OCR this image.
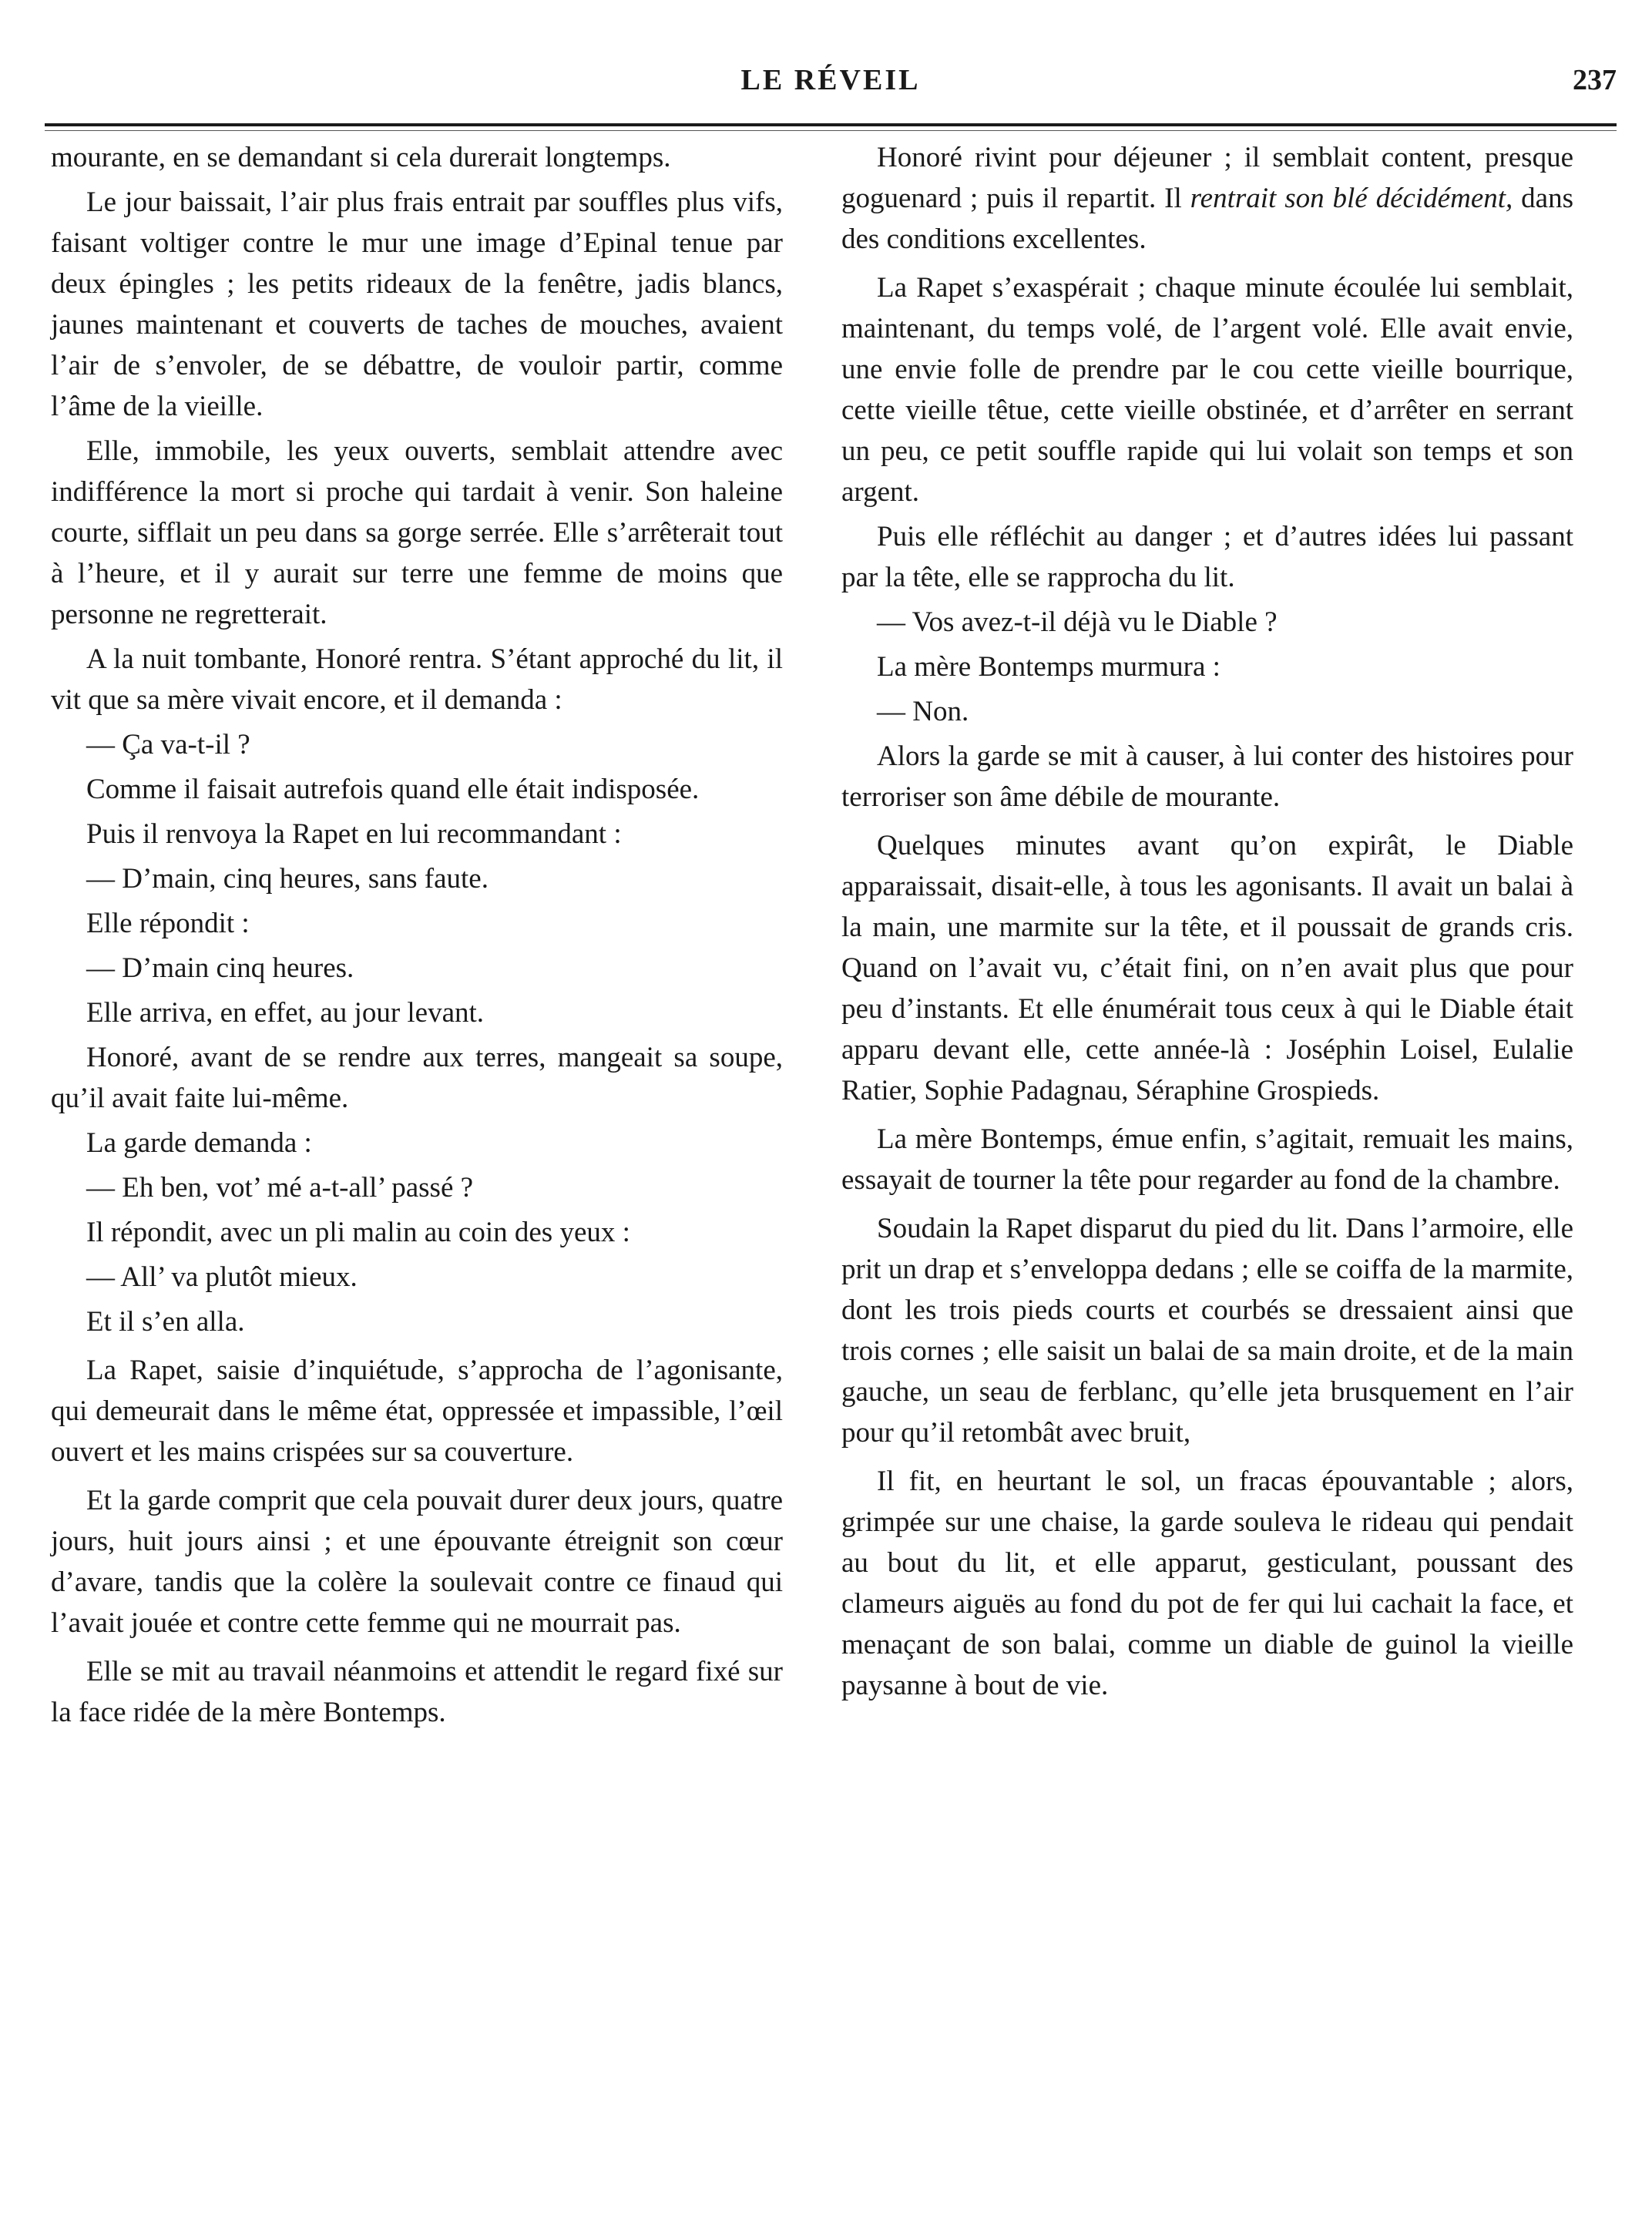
LE RÉVEIL	237

mourante, en se demandant si cela durerait longtemps.

Le jour baissait, l’air plus frais entrait par souffles plus vifs, faisant voltiger contre le mur une image d’Epinal tenue par deux épingles ; les petits rideaux de la fenêtre, jadis blancs, jaunes maintenant et couverts de taches de mouches, avaient l’air de s’envoler, de se débattre, de vouloir partir, comme l’âme de la vieille.

Elle, immobile, les yeux ouverts, semblait attendre avec indifférence la mort si proche qui tardait à venir. Son haleine courte, sifflait un peu dans sa gorge serrée. Elle s’arrêterait tout à l’heure, et il y aurait sur terre une femme de moins que personne ne regretterait.

A la nuit tombante, Honoré rentra. S’étant approché du lit, il vit que sa mère vivait encore, et il demanda :

— Ça va-t-il ?

Comme il faisait autrefois quand elle était indisposée.

Puis il renvoya la Rapet en lui recommandant :

— D’main, cinq heures, sans faute.

Elle répondit :

— D’main cinq heures.

Elle arriva, en effet, au jour levant.

Honoré, avant de se rendre aux terres, mangeait sa soupe, qu’il avait faite lui-même.

La garde demanda :

— Eh ben, vot’ mé a-t-all’ passé ?

Il répondit, avec un pli malin au coin des yeux :

— All’ va plutôt mieux.

Et il s’en alla.

La Rapet, saisie d’inquiétude, s’approcha de l’agonisante, qui demeurait dans le même état, oppressée et impassible, l’œil ouvert et les mains crispées sur sa couverture.

Et la garde comprit que cela pouvait durer deux jours, quatre jours, huit jours ainsi ; et une épouvante étreignit son cœur d’avare, tandis que la colère la soulevait contre ce finaud qui l’avait jouée et contre cette femme qui ne mourrait pas.

Elle se mit au travail néanmoins et attendit le regard fixé sur la face ridée de la mère Bontemps.

Honoré rivint pour déjeuner ; il semblait content, presque goguenard ; puis il repartit. Il rentrait son blé décidément, dans des conditions excellentes.

La Rapet s’exaspérait ; chaque minute écoulée lui semblait, maintenant, du temps volé, de l’argent volé. Elle avait envie, une envie folle de prendre par le cou cette vieille bourrique, cette vieille têtue, cette vieille obstinée, et d’arrêter en serrant un peu, ce petit souffle rapide qui lui volait son temps et son argent.

Puis elle réfléchit au danger ; et d’autres idées lui passant par la tête, elle se rapprocha du lit.

— Vos avez-t-il déjà vu le Diable ?

La mère Bontemps murmura :

— Non.

Alors la garde se mit à causer, à lui conter des histoires pour terroriser son âme débile de mourante.

Quelques minutes avant qu’on expirât, le Diable apparaissait, disait-elle, à tous les agonisants. Il avait un balai à la main, une marmite sur la tête, et il poussait de grands cris. Quand on l’avait vu, c’était fini, on n’en avait plus que pour peu d’instants. Et elle énumérait tous ceux à qui le Diable était apparu devant elle, cette année-là : Joséphin Loisel, Eulalie Ratier, Sophie Padagnau, Séraphine Grospieds.

La mère Bontemps, émue enfin, s’agitait, remuait les mains, essayait de tourner la tête pour regarder au fond de la chambre.

Soudain la Rapet disparut du pied du lit. Dans l’armoire, elle prit un drap et s’enveloppa dedans ; elle se coiffa de la marmite, dont les trois pieds courts et courbés se dressaient ainsi que trois cornes ; elle saisit un balai de sa main droite, et de la main gauche, un seau de ferblanc, qu’elle jeta brusquement en l’air pour qu’il retombât avec bruit,

Il fit, en heurtant le sol, un fracas épouvantable ; alors, grimpée sur une chaise, la garde souleva le rideau qui pendait au bout du lit, et elle apparut, gesticulant, poussant des clameurs aiguës au fond du pot de fer qui lui cachait la face, et menaçant de son balai, comme un diable de guinol la vieille paysanne à bout de vie.
